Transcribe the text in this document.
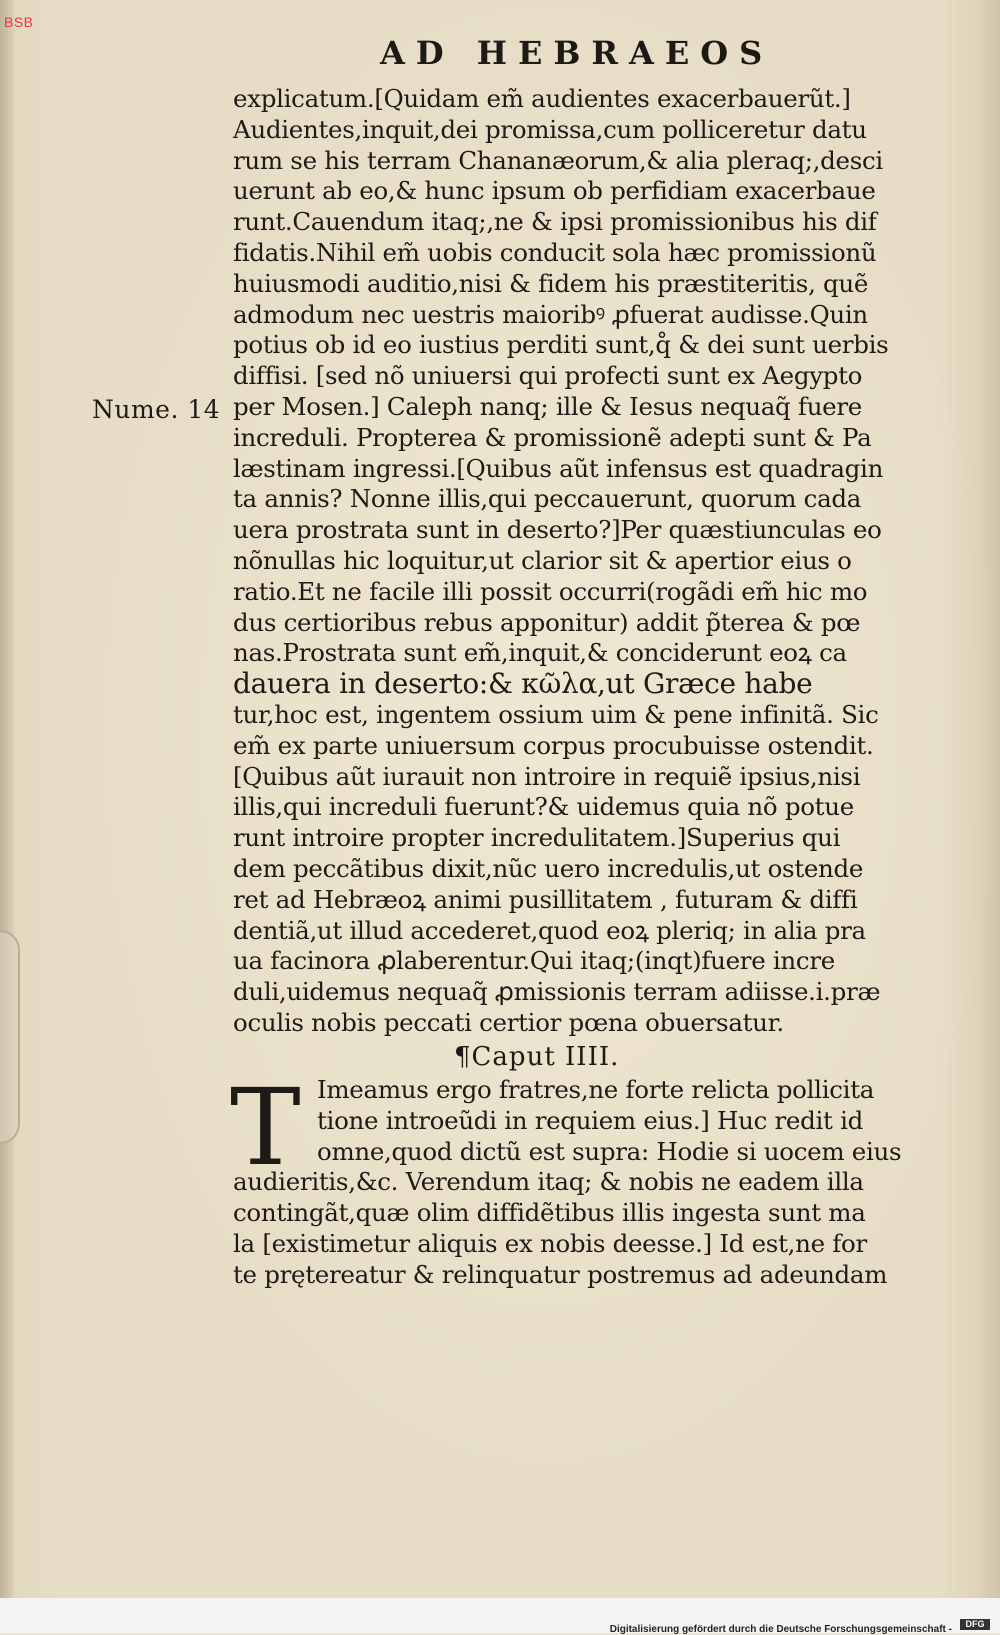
BSB
AD HEBRAEOS
Nume. 14
explicatum.[Quidam em̃ audientes exacerbauerũt.]
Audientes,inquit,dei promissa,cum polliceretur datu
rum se his terram Chananæorum,& alia pleraq;,desci
uerunt ab eo,& hunc ipsum ob perfidiam exacerbaue
runt.Cauendum itaq;,ne & ipsi promissionibus his dif
fidatis.Nihil em̃ uobis conducit sola hæc promissionũ
huiusmodi auditio,nisi & fidem his præstiteritis, quẽ
admodum nec uestris maioribꝰ ꝓfuerat audisse.Quin
potius ob id eo iustius perditi sunt,q̊ & dei sunt uerbis
diffisi. [sed nõ uniuersi qui profecti sunt ex Aegypto
per Mosen.] Caleph nanq; ille & Iesus nequaq̃ fuere
increduli. Propterea & promissionẽ adepti sunt & Pa
læstinam ingressi.[Quibus aũt infensus est quadragin
ta annis? Nonne illis,qui peccauerunt, quorum cada
uera prostrata sunt in deserto?]Per quæstiunculas eo
nõnullas hic loquitur,ut clarior sit & apertior eius o
ratio.Et ne facile illi possit occurri(rogãdi em̃ hic mo
dus certioribus rebus apponitur) addit p̃terea & pœ
nas.Prostrata sunt em̃,inquit,& conciderunt eoꝝ ca
dauera in deserto:& κῶλα,ut Græce habe
tur,hoc est, ingentem ossium uim & pene infinitã. Sic
em̃ ex parte uniuersum corpus procubuisse ostendit.
[Quibus aũt iurauit non introire in requiẽ ipsius,nisi
illis,qui increduli fuerunt?& uidemus quia nõ potue
runt introire propter incredulitatem.]Superius qui
dem peccãtibus dixit,nũc uero incredulis,ut ostende
ret ad Hebræoꝝ animi pusillitatem , futuram & diffi
dentiã,ut illud accederet,quod eoꝝ pleriq; in alia pra
ua facinora ꝓlaberentur.Qui itaq;(inqt)fuere incre
duli,uidemus nequaq̃ ꝓmissionis terram adiisse.i.præ
oculis nobis peccati certior pœna obuersatur.
¶Caput IIII.
T Imeamus ergo fratres,ne forte relicta pollicita
tione introeũdi in requiem eius.] Huc redit id
omne,quod dictũ est supra: Hodie si uocem eius
audieritis,&c. Verendum itaq; & nobis ne eadem illa
contingãt,quæ olim diffidẽtibus illis ingesta sunt ma
la [existimetur aliquis ex nobis deesse.] Id est,ne for
te prętereatur & relinquatur postremus ad adeundam
Digitalisierung gefördert durch die Deutsche Forschungsgemeinschaft -	DFG
